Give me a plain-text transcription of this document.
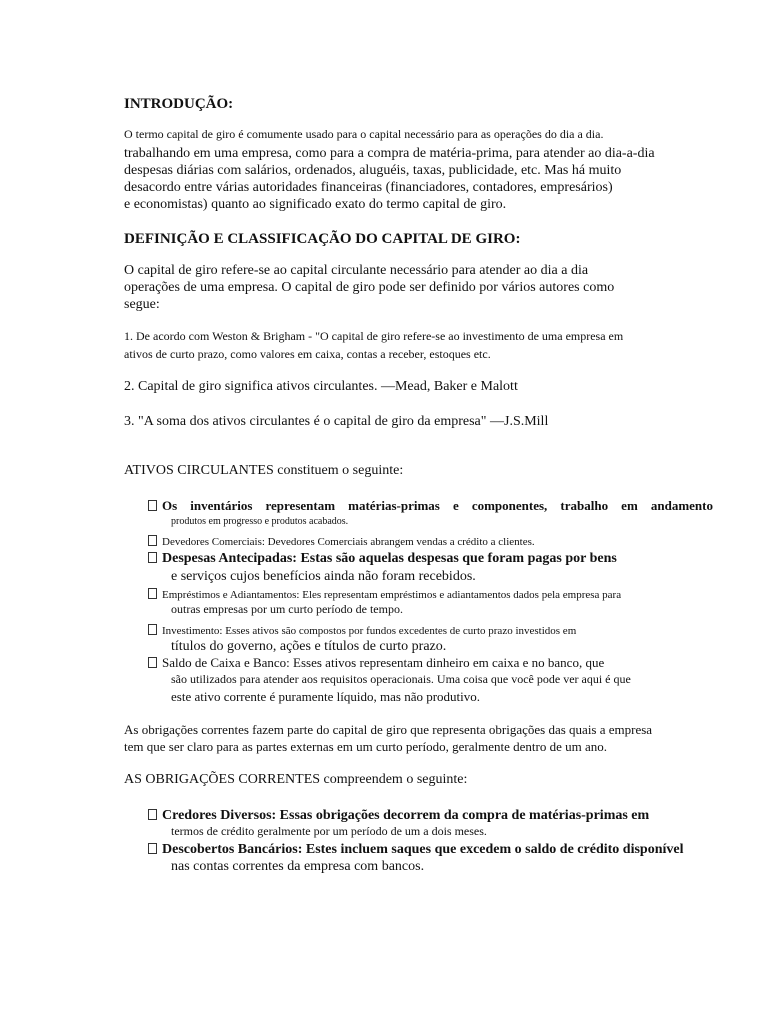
INTRODUÇÃO:
O termo capital de giro é comumente usado para o capital necessário para as operações do dia a dia.
trabalhando em uma empresa, como para a compra de matéria-prima, para atender ao dia-a-dia
despesas diárias com salários, ordenados, aluguéis, taxas, publicidade, etc. Mas há muito
desacordo entre várias autoridades financeiras (financiadores, contadores, empresários)
e economistas) quanto ao significado exato do termo capital de giro.
DEFINIÇÃO E CLASSIFICAÇÃO DO CAPITAL DE GIRO:
O capital de giro refere-se ao capital circulante necessário para atender ao dia a dia
operações de uma empresa. O capital de giro pode ser definido por vários autores como
segue:
1. De acordo com Weston & Brigham - "O capital de giro refere-se ao investimento de uma empresa em
ativos de curto prazo, como valores em caixa, contas a receber, estoques etc.
2. Capital de giro significa ativos circulantes. —Mead, Baker e Malott
3. "A soma dos ativos circulantes é o capital de giro da empresa" —J.S.Mill
ATIVOS CIRCULANTES constituem o seguinte:
Os inventários representam matérias-primas e componentes, trabalho em andamento
produtos em progresso e produtos acabados.
Devedores Comerciais: Devedores Comerciais abrangem vendas a crédito a clientes.
Despesas Antecipadas: Estas são aquelas despesas que foram pagas por bens
e serviços cujos benefícios ainda não foram recebidos.
Empréstimos e Adiantamentos: Eles representam empréstimos e adiantamentos dados pela empresa para
outras empresas por um curto período de tempo.
Investimento: Esses ativos são compostos por fundos excedentes de curto prazo investidos em
títulos do governo, ações e títulos de curto prazo.
Saldo de Caixa e Banco: Esses ativos representam dinheiro em caixa e no banco, que
são utilizados para atender aos requisitos operacionais. Uma coisa que você pode ver aqui é que
este ativo corrente é puramente líquido, mas não produtivo.
As obrigações correntes fazem parte do capital de giro que representa obrigações das quais a empresa
tem que ser claro para as partes externas em um curto período, geralmente dentro de um ano.
AS OBRIGAÇÕES CORRENTES compreendem o seguinte:
Credores Diversos: Essas obrigações decorrem da compra de matérias-primas em
termos de crédito geralmente por um período de um a dois meses.
Descobertos Bancários: Estes incluem saques que excedem o saldo de crédito disponível
nas contas correntes da empresa com bancos.
